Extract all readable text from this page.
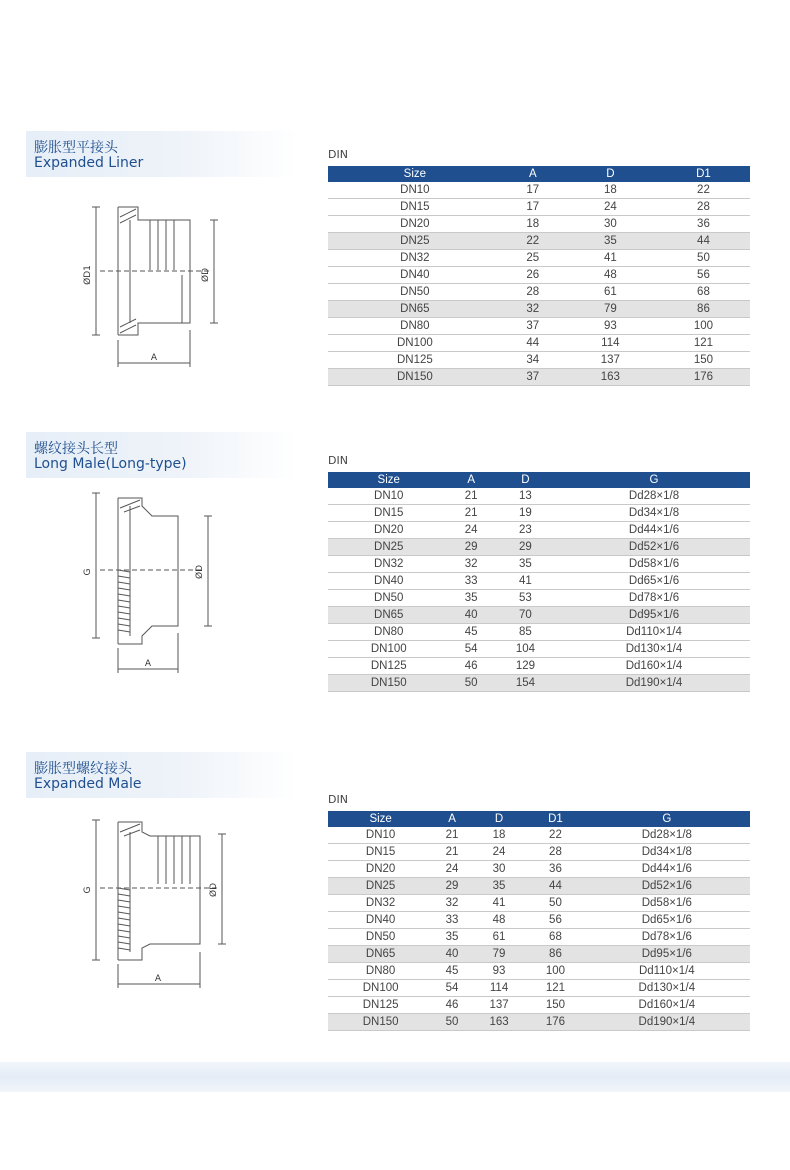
膨胀型平接头
Expanded Liner
ØD1	ØD
A
DIN
Size	A	D	D1
DN10	17	18	22
DN15	17	24	28
DN20	18	30	36
DN25	22	35	44
DN32	25	41	50
DN40	26	48	56
DN50	28	61	68
DN65	32	79	86
DN80	37	93	100
DN100	44	114	121
DN125	34	137	150
DN150	37	163	176
螺纹接头长型
Long Male(Long-type)
G	ØD
A
DIN
Size	A	D	G
DN10	21	13	Dd28×1/8
DN15	21	19	Dd34×1/8
DN20	24	23	Dd44×1/6
DN25	29	29	Dd52×1/6
DN32	32	35	Dd58×1/6
DN40	33	41	Dd65×1/6
DN50	35	53	Dd78×1/6
DN65	40	70	Dd95×1/6
DN80	45	85	Dd110×1/4
DN100	54	104	Dd130×1/4
DN125	46	129	Dd160×1/4
DN150	50	154	Dd190×1/4
膨胀型螺纹接头
Expanded Male
G	ØD
A
DIN
Size	A	D	D1	G
DN10	21	18	22	Dd28×1/8
DN15	21	24	28	Dd34×1/8
DN20	24	30	36	Dd44×1/6
DN25	29	35	44	Dd52×1/6
DN32	32	41	50	Dd58×1/6
DN40	33	48	56	Dd65×1/6
DN50	35	61	68	Dd78×1/6
DN65	40	79	86	Dd95×1/6
DN80	45	93	100	Dd110×1/4
DN100	54	114	121	Dd130×1/4
DN125	46	137	150	Dd160×1/4
DN150	50	163	176	Dd190×1/4
